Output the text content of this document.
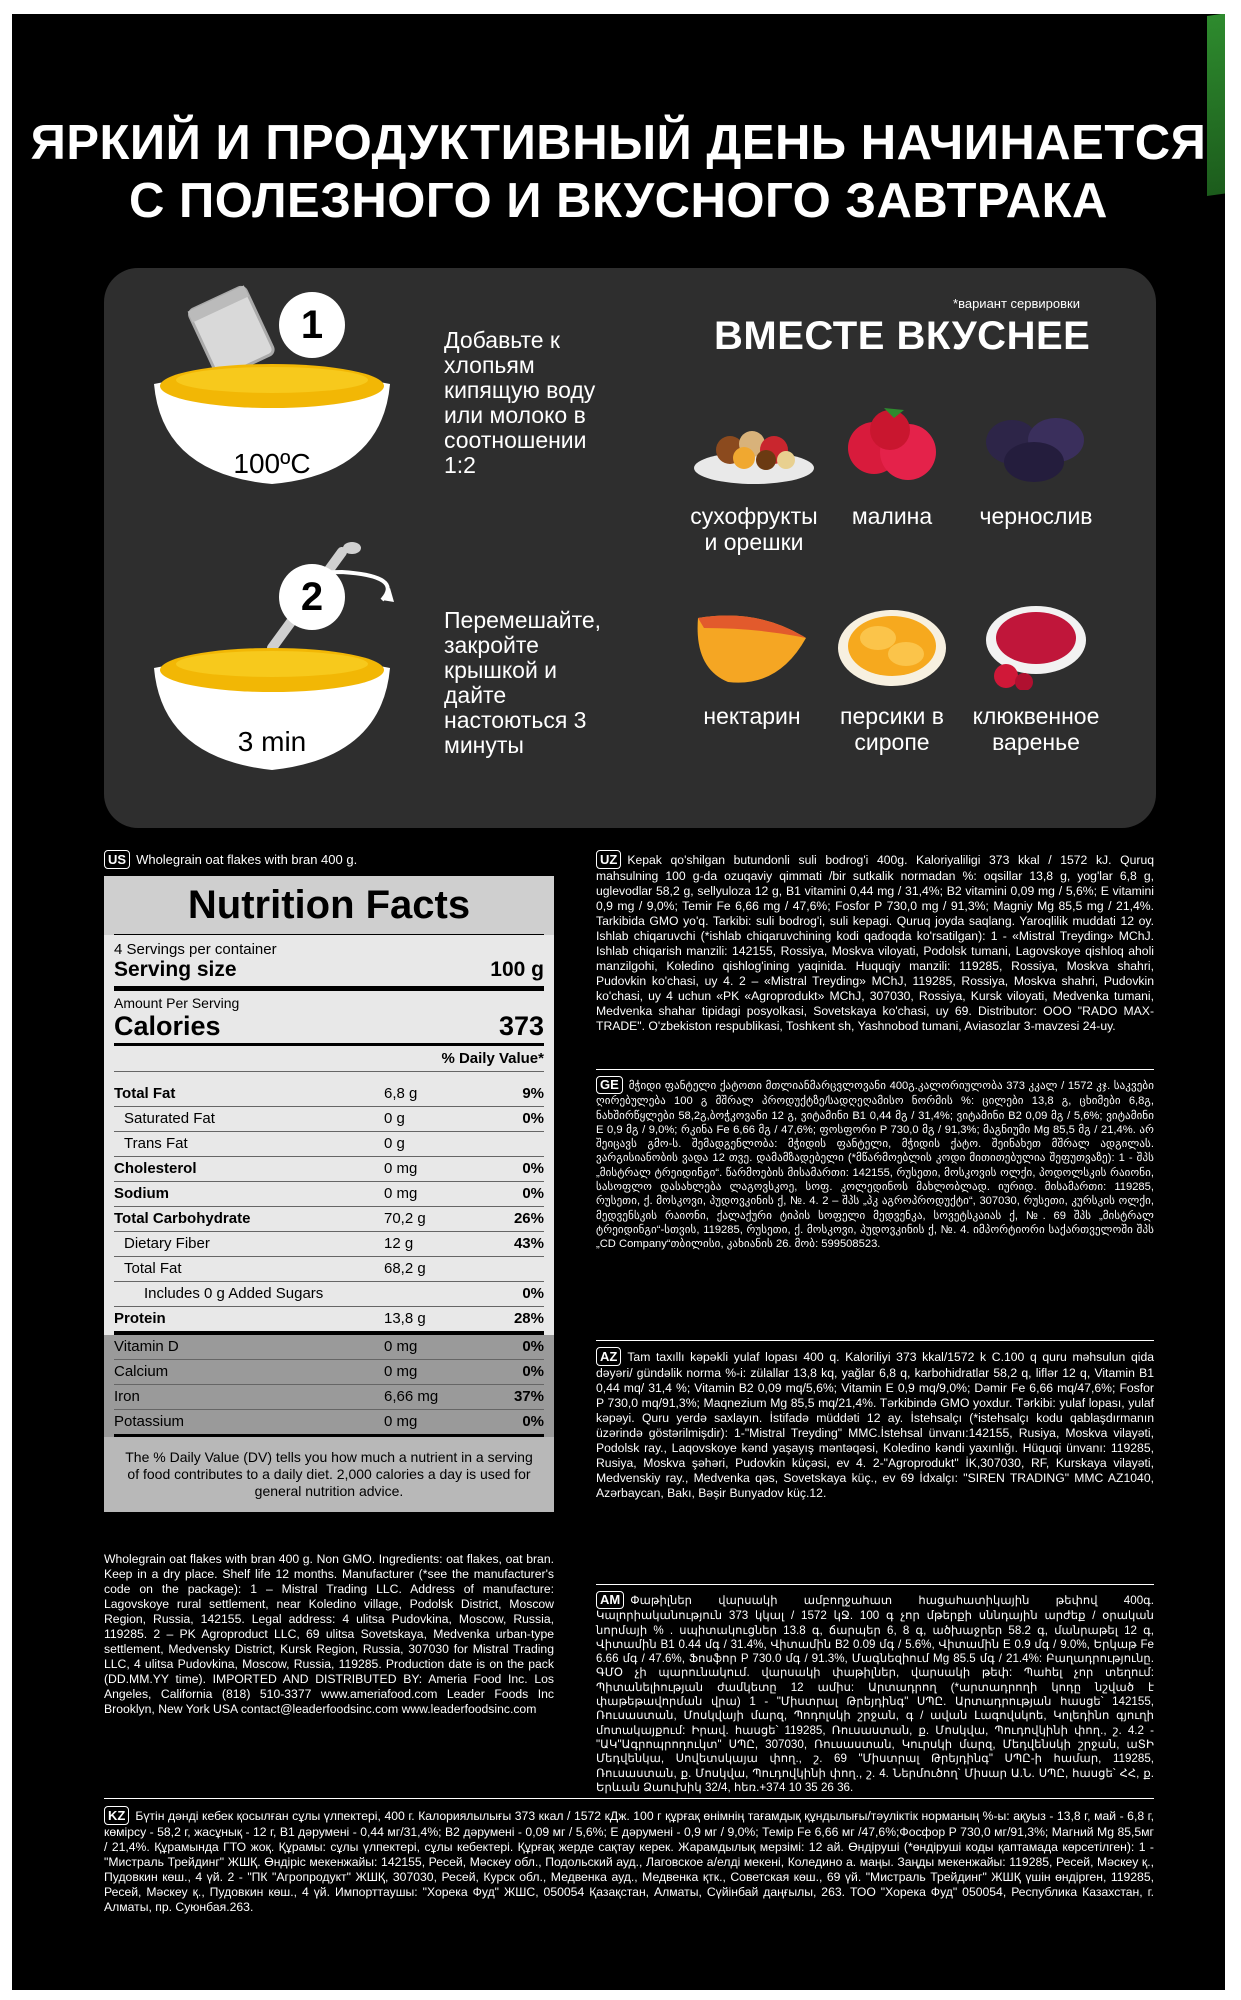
ЯРКИЙ И ПРОДУКТИВНЫЙ ДЕНЬ НАЧИНАЕТСЯ
С ПОЛЕЗНОГО И ВКУСНОГО ЗАВТРАКА
100ºC
1	Добавьте к хлопьям кипящую воду или молоко в соотношении 1:2
3 min
2
Перемешайте, закройте крышкой и дайте настоються 3 минуты
*вариант сервировки
ВМЕСТЕ ВКУСНЕЕ
сухофрукты и орешки
малина	чернослив
нектарин	персики в сиропе
клюквенное варенье
US Wholegrain oat flakes with bran 400 g.
Nutrition Facts
4 Servings per container
Serving size	100 g
Amount Per Serving
Calories	373
% Daily Value*
Total Fat	6,8 g	9%
Saturated Fat	0 g	0%
Trans Fat	0 g
Cholesterol	0 mg	0%
Sodium	0 mg	0%
Total Carbohydrate	70,2 g	26%
Dietary Fiber	12 g	43%
Total Fat	68,2 g
Includes 0 g Added Sugars	0%
Protein	13,8 g	28%
Vitamin D	0 mg	0%
Calcium	0 mg	0%
Iron	6,66 mg	37%
Potassium	0 mg	0%
The % Daily Value (DV) tells you how much a nutrient in a serving of food contributes to a daily diet. 2,000 calories a day is used for general nutrition advice.
Wholegrain oat flakes with bran 400 g. Non GMO. Ingredients: oat flakes, oat bran. Keep in a dry place. Shelf life 12 months. Manufacturer (*see the manufacturer's code on the package): 1 – Mistral Trading LLC. Address of manufacture: Lagovskoye rural settlement, near Koledino village, Podolsk District, Moscow Region, Russia, 142155. Legal address: 4 ulitsa Pudovkina, Moscow, Russia, 119285. 2 – PK Agroproduct LLC, 69 ulitsa Sovetskaya, Medvenka urban-type settlement, Medvensky District, Kursk Region, Russia, 307030 for Mistral Trading LLC, 4 ulitsa Pudovkina, Moscow, Russia, 119285. Production date is on the pack (DD.MM.YY time). IMPORTED AND DISTRIBUTED BY: Ameria Food Inc. Los Angeles, California (818) 510-3377 www.ameriafood.com Leader Foods Inc Brooklyn, New York USA contact@leaderfoodsinc.com www.leaderfoodsinc.com
UZ Kepak qo'shilgan butundonli suli bodrog'i 400g. Kaloriyaliligi 373 kkal / 1572 kJ. Quruq mahsulning 100 g-da ozuqaviy qimmati /bir sutkalik normadan %: oqsillar 13,8 g, yog'lar 6,8 g, uglevodlar 58,2 g, sellyuloza 12 g, B1 vitamini 0,44 mg / 31,4%; B2 vitamini 0,09 mg / 5,6%; E vitamini 0,9 mg / 9,0%; Temir Fe 6,66 mg / 47,6%; Fosfor P 730,0 mg / 91,3%; Magniy Mg 85,5 mg / 21,4%. Tarkibida GMO yo'q. Tarkibi: suli bodrog'i, suli kepagi. Quruq joyda saqlang. Yaroqlilik muddati 12 oy. Ishlab chiqaruvchi (*ishlab chiqaruvchining kodi qadoqda ko'rsatilgan): 1 - «Mistral Treyding» MChJ. Ishlab chiqarish manzili: 142155, Rossiya, Moskva viloyati, Podolsk tumani, Lagovskoye qishloq aholi manzilgohi, Koledino qishlog'ining yaqinida. Huquqiy manzili: 119285, Rossiya, Moskva shahri, Pudovkin ko'chasi, uy 4. 2 – «Mistral Treyding» MChJ, 119285, Rossiya, Moskva shahri, Pudovkin ko'chasi, uy 4 uchun «PK «Agroprodukt» MChJ, 307030, Rossiya, Kursk viloyati, Medvenka tumani, Medvenka shahar tipidagi posyolkasi, Sovetskaya ko'chasi, uy 69. Distributor: OOO "RADO MAX-TRADE". O'zbekiston respublikasi, Toshkent sh, Yashnobod tumani, Aviasozlar 3-mavzesi 24-uy.
GE მჭიდი ფანტელი ქატოთი მთლიანმარცვლოვანი 400გ.კალორიულობა 373 კკალ / 1572 კჯ. საკვები ღირებულება 100 გ მშრალ პროდუქტზე/სადღეღამისო ნორმის %: ცილები 13,8 გ, ცხიმები 6,8გ, ნახშირწყლები 58,2გ,ბოჭკოვანი 12 გ, ვიტამინი B1 0,44 მგ / 31,4%; ვიტამინი B2 0,09 მგ / 5,6%; ვიტამინი E 0,9 მგ / 9,0%; რკინა Fe 6,66 მგ / 47,6%; ფოსფორი P 730,0 მგ / 91,3%; მაგნიუმი Mg 85,5 მგ / 21,4%. არ შეიცავს გმო-ს. შემადგენლობა: მჭიდის ფანტელი, მჭიდის ქატო. შეინახეთ მშრალ ადგილას. ვარგისიანობის ვადა 12 თვე. დამამზადებელი (*მწარმოებლის კოდი მითითებულია შეფუთვაზე): 1 - შპს „მისტრალ ტრეიდინგი“. წარმოების მისამართი: 142155, რუსეთი, მოსკოვის ოლქი, პოდოლსკის რაიონი, სასოფლო დასახლება ლაგოვსკოე, სოფ. კოლედინოს მახლობლად. იურიდ. მისამართი: 119285, რუსეთი, ქ. მოსკოვი, პუდოვკინის ქ, №. 4. 2 – შპს „პკ აგროპროდუქტი“, 307030, რუსეთი, კურსკის ოლქი, მედვენსკის რაიონი, ქალაქური ტიპის სოფელი მედვენკა, სოვეტსკაიას ქ, №. 69 შპს „მისტრალ ტრეიდინგი“-სთვის, 119285, რუსეთი, ქ. მოსკოვი, პუდოვკინის ქ, №. 4. იმპორტიორი საქართველოში შპს „CD Company“თბილისი, კახიანის 26. მობ: 599508523.
AZ Tam taxıllı kəpəkli yulaf lopası 400 q. Kaloriliyi 373 kkal/1572 k C.100 q quru məhsulun qida dəyəri/ gündəlik norma %-i: zülallar 13,8 kq, yağlar 6,8 q, karbohidratlar 58,2 q, liflər 12 q, Vitamin B1 0,44 mq/ 31,4 %; Vitamin B2 0,09 mq/5,6%; Vitamin E 0,9 mq/9,0%; Dəmir Fe 6,66 mq/47,6%; Fosfor P 730,0 mq/91,3%; Maqnezium Mg 85,5 mq/21,4%. Tərkibində GMO yoxdur. Tərkibi: yulaf lopası, yulaf kəpəyi. Quru yerdə saxlayın. İstifadə müddəti 12 ay. İstehsalçı (*istehsalçı kodu qablaşdırmanın üzərində göstərilmişdir): 1-"Mistral Treyding" MMC.İstehsal ünvanı:142155, Rusiya, Moskva vilayəti, Podolsk ray., Laqovskoye kənd yaşayış məntəqəsi, Koledino kəndi yaxınlığı. Hüquqi ünvanı: 119285, Rusiya, Moskva şəhəri, Pudovkin küçəsi, ev 4. 2-"Agroprodukt" İK,307030, RF, Kurskaya vilayəti, Medvenskiy ray., Medvenka qəs, Sovetskaya küç., ev 69 İdxalçı: "SIREN TRADING" MMC AZ1040, Azərbaycan, Bakı, Bəşir Bunyadov küç.12.
AM Փաթիլներ վարսակի ամբողջահատ հացահատիկային թեփով 400գ. Կալորիականություն 373 կկալ / 1572 կՋ. 100 գ չոր մթերքի սննդային արժեք / օրական նորմայի % . սպիտակուցներ 13.8 գ, ճարպեր 6, 8 գ, ածխաջրեր 58.2 գ, մանրաթել 12 գ, Վիտամին B1 0.44 մգ / 31.4%, Վիտամին B2 0.09 մգ / 5.6%, Վիտամին E 0.9 մգ / 9.0%, Երկաթ Fe 6.66 մգ / 47.6%, Ֆոսֆոր P 730.0 մգ / 91.3%, Մագնեզիում Mg 85.5 մգ / 21.4%: Բաղադրությունը. ԳՄՕ չի պարունակում. վարսակի փաթիլներ, վարսակի թեփ: Պահել չոր տեղում: Պիտանելիության ժամկետը 12 ամիս: Արտադրող (*արտադրողի կոդը նշված է փաթեթավորման վրա) 1 - "Միստրալ Թրեյդինգ" ՍՊԸ. Արտադրության հասցե՝ 142155, Ռուսաստան, Մոսկվայի մարզ, Պոդոլսկի շրջան, գ / ավան Լագովսկոե, Կոլեդինո գյուղի մոտակայքում: Իրավ. հասցե՝ 119285, Ռուսաստան, ք. Մոսկվա, Պուդովկինի փող., շ. 4.2 - "ԱԿ"Ագրոպրոդուկտ" ՍՊԸ, 307030, Ռուսաստան, Կուրսկի մարզ, Մեդվենսկի շրջան, աՏԻ Մեդվենկա, Սովետսկայա փող., շ. 69 "Միստրալ Թրեյդինգ" ՍՊԸ-ի համար, 119285, Ռուսաստան, ք. Մոսկվա, Պուդովկինի փող., շ. 4. Ներմուծող՝ Միսար Ա.Ն. ՍՊԸ, հասցե՝ ՀՀ, ք. Երևան Ձաուխիկ 32/4, հեռ.+374 10 35 26 36.
KZ Бүтін дәнді кебек қосылған сұлы үлпектері, 400 г. Калориялылығы 373 ккал / 1572 кДж. 100 г құрғақ өнімнің тағамдық құндылығы/тәуліктік норманың %-ы: ақуыз - 13,8 г, май - 6,8 г, көмірсу - 58,2 г, жасұнық - 12 г, В1 дәрумені - 0,44 мг/31,4%; В2 дәрумені - 0,09 мг / 5,6%; Е дәрумені - 0,9 мг / 9,0%; Темір Fe 6,66 мг /47,6%;Фосфор Р 730,0 мг/91,3%; Магний Mg 85,5мг / 21,4%. Құрамында ГТО жоқ. Құрамы: сұлы үлпектері, сұлы кебектері. Құрғақ жерде сақтау керек. Жарамдылық мерзімі: 12 ай. Өндіруші (*өндіруші коды қаптамада көрсетілген): 1 - "Мистраль Трейдинг" ЖШҚ. Өндіріс мекенжайы: 142155, Ресей, Мәскеу обл., Подольский ауд., Лаговское а/елді мекені, Коледино а. маңы. Заңды мекенжайы: 119285, Ресей, Мәскеу қ., Пудовкин көш., 4 үй. 2 - "ПК "Агропродукт" ЖШҚ, 307030, Ресей, Курск обл., Медвенка ауд., Медвенка қтк., Советская көш., 69 үй. "Мистраль Трейдинг" ЖШҚ үшін өндірген, 119285, Ресей, Мәскеу қ., Пудовкин көш., 4 үй. Импорттаушы: "Хорека Фуд" ЖШС, 050054 Қазақстан, Алматы, Сүйінбай даңғылы, 263. ТОО "Хорека Фуд" 050054, Республика Казахстан, г. Алматы, пр. Суюнбая.263.
